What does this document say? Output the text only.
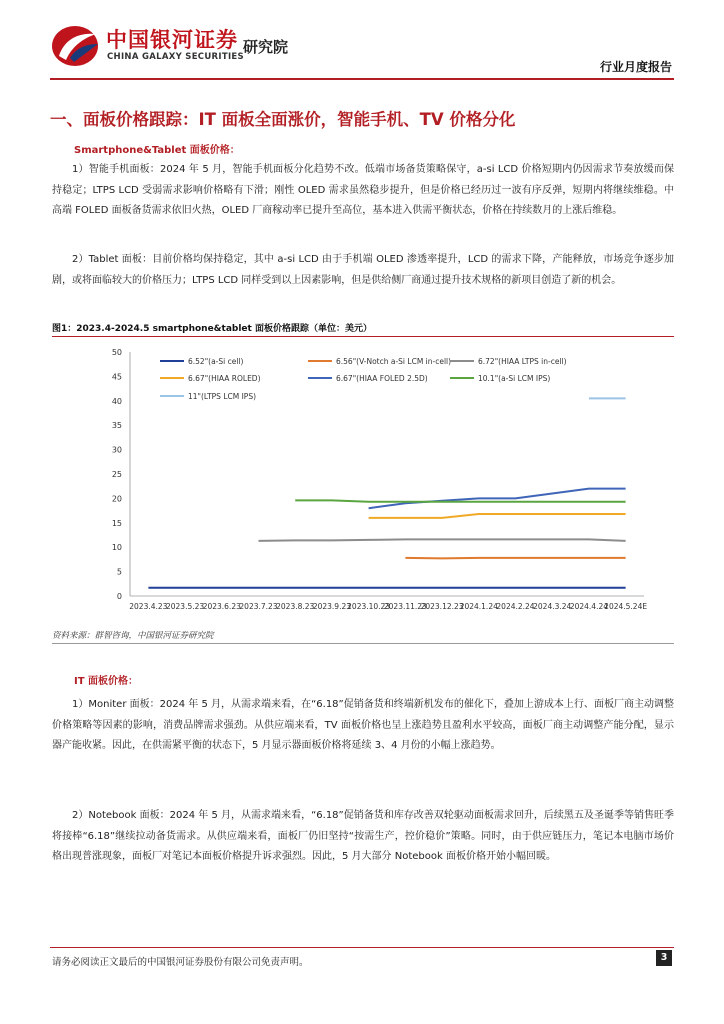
中国银河证券
CHINA GALAXY SECURITIES
研究院
行业月度报告
一、面板价格跟踪：IT 面板全面涨价，智能手机、TV 价格分化
Smartphone&Tablet 面板价格：

1）智能手机面板：2024 年 5 月，智能手机面板分化趋势不改。低端市场备货策略保守，a-si LCD 价格短期内仍因需求节奏放缓而保持稳定；LTPS LCD 受弱需求影响价格略有下滑；刚性 OLED 需求虽然稳步提升，但是价格已经历过一波有序反弹，短期内将继续维稳。中高端 FOLED 面板备货需求依旧火热，OLED 厂商稼动率已提升至高位，基本进入供需平衡状态，价格在持续数月的上涨后维稳。

2）Tablet 面板：目前价格均保持稳定，其中 a-si LCD 由于手机端 OLED 渗透率提升，LCD 的需求下降，产能释放，市场竞争逐步加剧，或将面临较大的价格压力；LTPS LCD 同样受到以上因素影响，但是供给侧厂商通过提升技术规格的新项目创造了新的机会。

图1：2023.4-2024.5 smartphone&tablet 面板价格跟踪（单位：美元）
0
5
10
15
20
25
30
35
40
45
50
2023.4.23
2023.5.23
2023.6.23
2023.7.23
2023.8.23
2023.9.23
2023.10.23
2023.11.23
2023.12.23
2024.1.24
2024.2.24
2024.3.24
2024.4.24
2024.5.24E
6.52"(a-Si cell)	6.56"(V-Notch a-Si LCM in-cell)	6.72"(HIAA LTPS in-cell)
6.67"(HIAA ROLED)	6.67"(HIAA FOLED 2.5D)	10.1"(a-Si LCM IPS)
11"(LTPS LCM IPS)
资料来源：群智咨询，中国银河证券研究院
IT 面板价格：

1）Moniter 面板：2024 年 5 月，从需求端来看，在“6.18”促销备货和终端新机发布的催化下，叠加上游成本上行、面板厂商主动调整价格策略等因素的影响，消费品牌需求强劲。从供应端来看，TV 面板价格也呈上涨趋势且盈利水平较高，面板厂商主动调整产能分配，显示器产能收紧。因此，在供需紧平衡的状态下，5 月显示器面板价格将延续 3、4 月份的小幅上涨趋势。

2）Notebook 面板：2024 年 5 月，从需求端来看，“6.18”促销备货和库存改善双轮驱动面板需求回升，后续黑五及圣诞季等销售旺季将接棒“6.18”继续拉动备货需求。从供应端来看，面板厂仍旧坚持“按需生产，控价稳价”策略。同时，由于供应链压力，笔记本电脑市场价格出现普涨现象，面板厂对笔记本面板价格提升诉求强烈。因此，5 月大部分 Notebook 面板价格开始小幅回暖。

请务必阅读正文最后的中国银河证券股份有限公司免责声明。	3
